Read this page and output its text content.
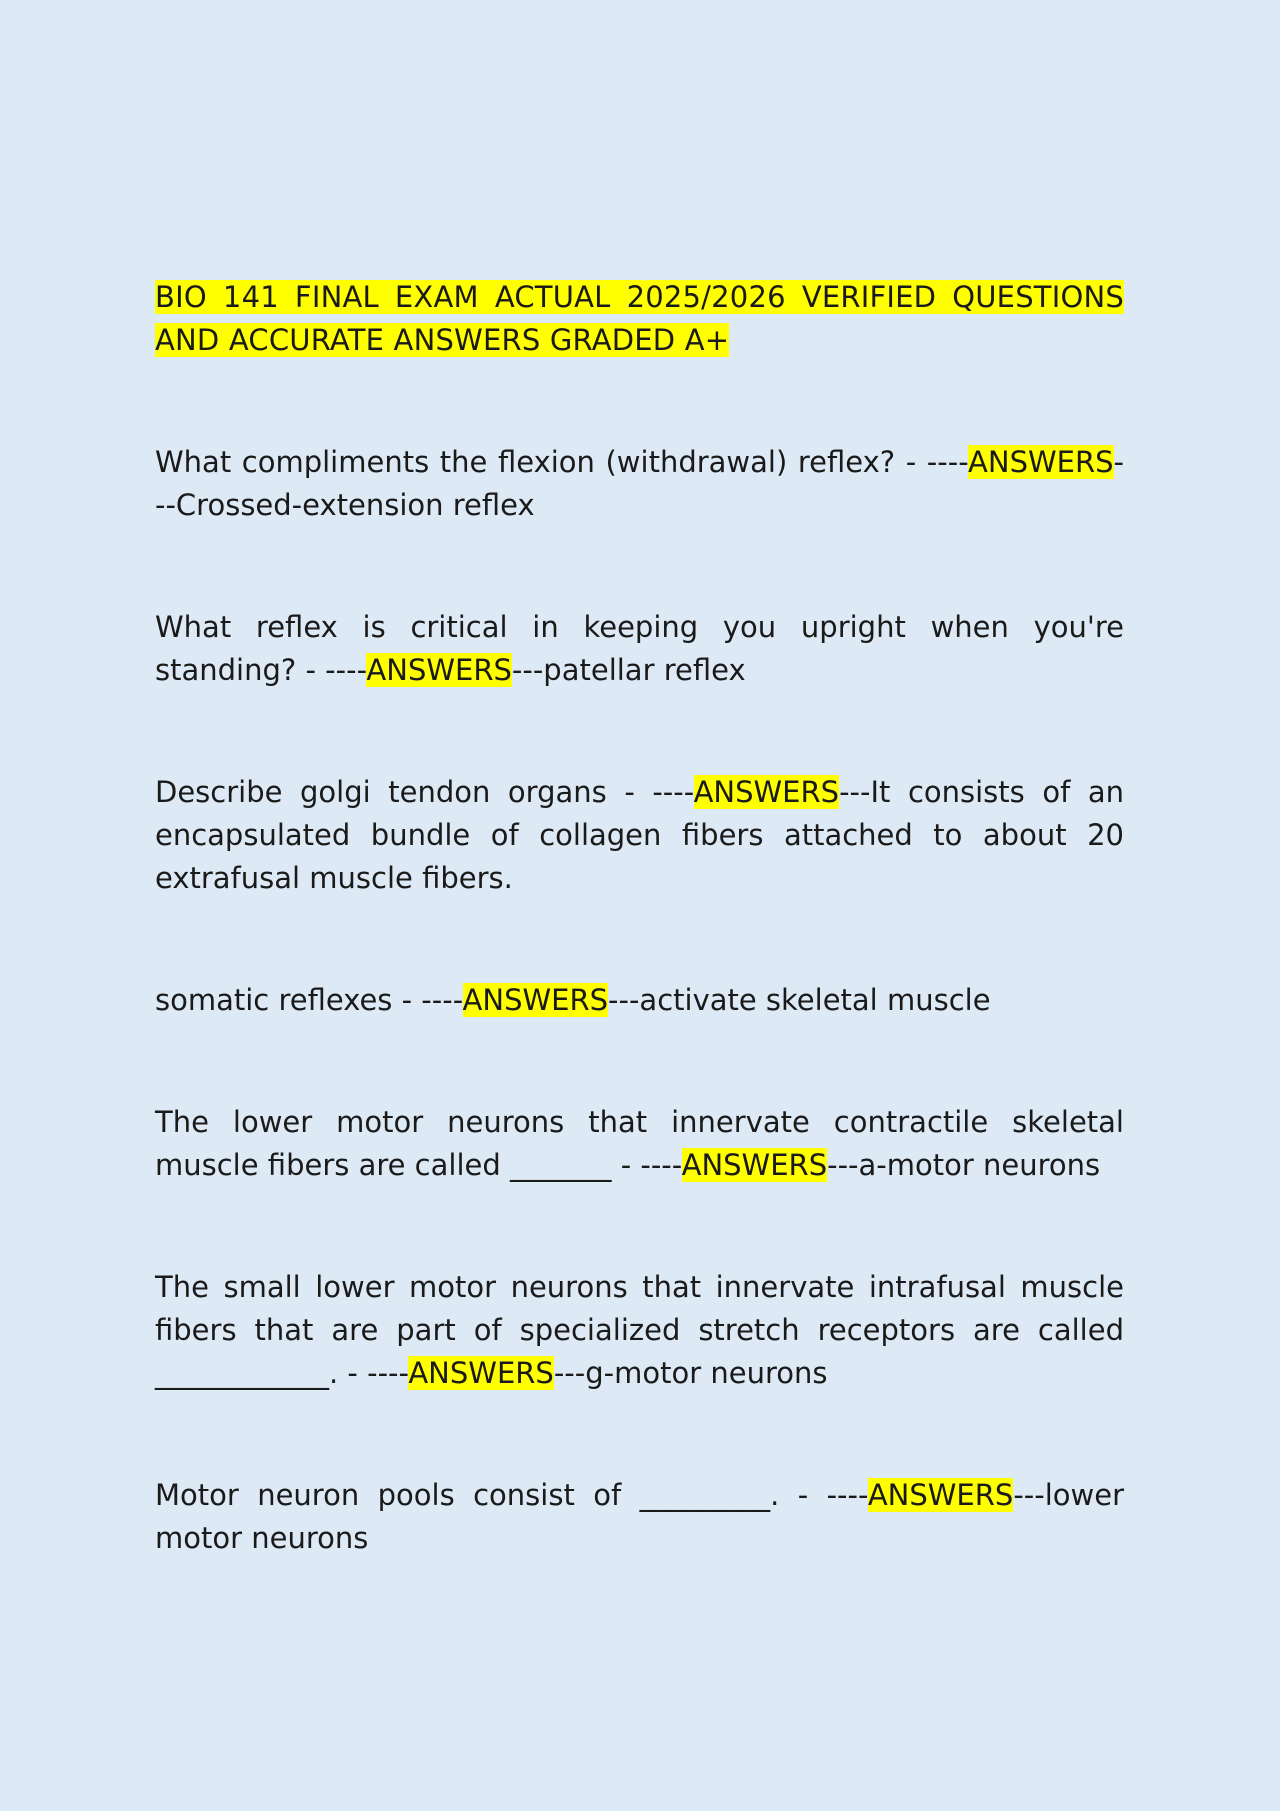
BIO 141 FINAL EXAM ACTUAL 2025/2026 VERIFIED QUESTIONS AND ACCURATE ANSWERS GRADED A+

What compliments the flexion (withdrawal) reflex? - ----ANSWERS---Crossed-extension reflex

What reflex is critical in keeping you upright when you're standing? - ----ANSWERS---patellar reflex

Describe golgi tendon organs - ----ANSWERS---It consists of an encapsulated bundle of collagen fibers attached to about 20 extrafusal muscle fibers.

somatic reflexes - ----ANSWERS---activate skeletal muscle

The lower motor neurons that innervate contractile skeletal muscle fibers are called _______ - ----ANSWERS---a-motor neurons

The small lower motor neurons that innervate intrafusal muscle fibers that are part of specialized stretch receptors are called ____________. - ----ANSWERS---g-motor neurons

Motor neuron pools consist of _________. - ----ANSWERS---lower motor neurons
